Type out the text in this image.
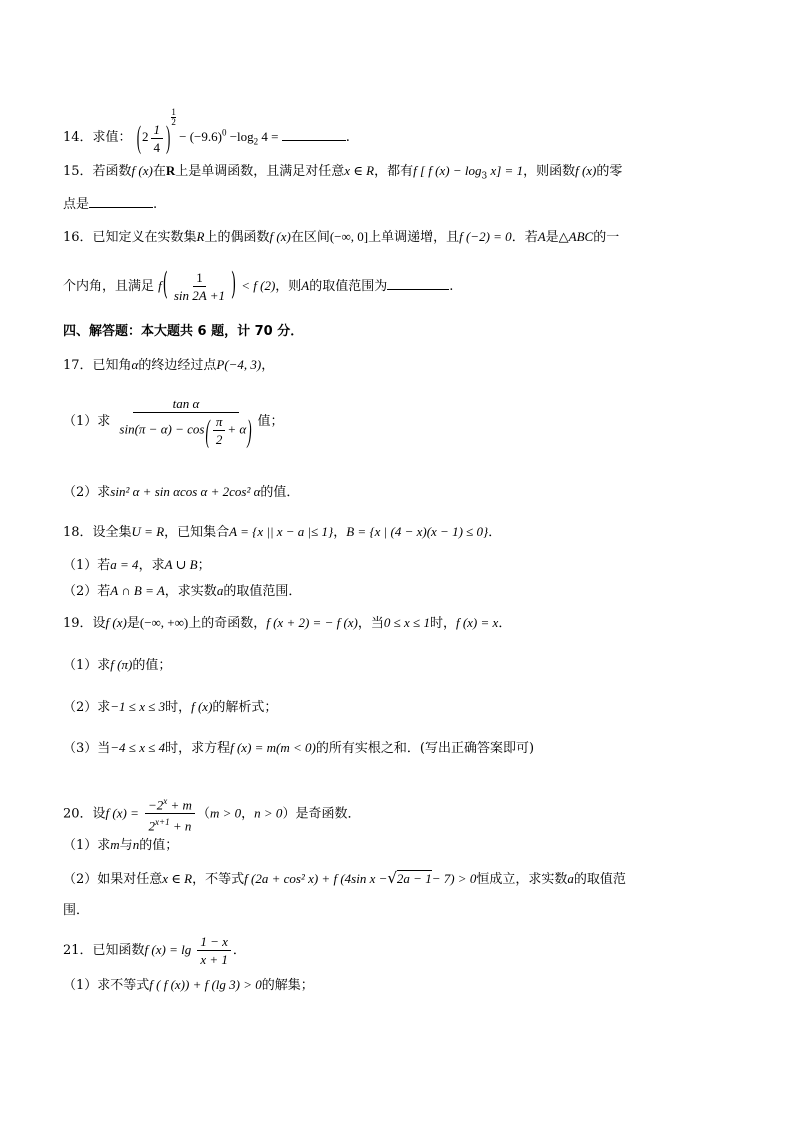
14．求值： ($2 \frac{1}{4}$ )
$\frac{1}{2}$
− $(-9.6)^0 -\log_2$ 4 =	.
15．若函数f (x)在R上是单调函数，且满足对任意x ∈ R，都有f [ f $(x) - \log_3 x] = 1$，则函数f (x)的零
点是	.
16．已知定义在实数集R上的偶函数f (x)在区间(−∞, 0]上单调递增，且f (−2) = 0．若A是△ABC的一
个内角，且满足 $f( \frac{1}{\sin 2A +1}$ ) < f (2)，则A的取值范围为	.
四、解答题：本大题共 6 题，计 70 分．
17．已知角α的终边经过点P(−4, 3)，
（1）求 $\frac{\text{tan α}}{\sin(\pi - \alpha) - \cos( \frac{\pi}{2} + \alpha)}$ 值；
（2）求sin² α + sin αcos α + 2cos² α的值．
18．设全集U = R，已知集合A = {x || x − a |≤ 1}，B = {x | (4 − x)(x − 1) ≤ 0}．
（1）若a = 4，求A ∪ B；
（2）若A ∩ B = A，求实数a的取值范围．
19．设f (x)是(−∞, +∞)上的奇函数，f (x + 2) = − f (x)，当0 ≤ x ≤ 1时，f (x) = x．
（1）求f (π)的值；
（2）求−1 ≤ x ≤ 3时，f (x)的解析式；
（3）当−4 ≤ x ≤ 4时，求方程f (x) = m(m < 0)的所有实根之和．(写出正确答案即可)
20．设f $(x) = \frac{-2^x + m}{2^{x+1} + n} (m > 0$，n > 0）是奇函数．
（1）求m与n的值；
（2）如果对任意x ∈ R，不等式f (2a + cos² x) + f (4sin x −√2a − 1− 7) > 0恒成立，求实数a的取值范
围．
21．已知函数f $(x) = \lg \frac{1 - x}{x + 1}$ ．
（1）求不等式f ( f (x)) + f (lg 3) > 0的解集；
